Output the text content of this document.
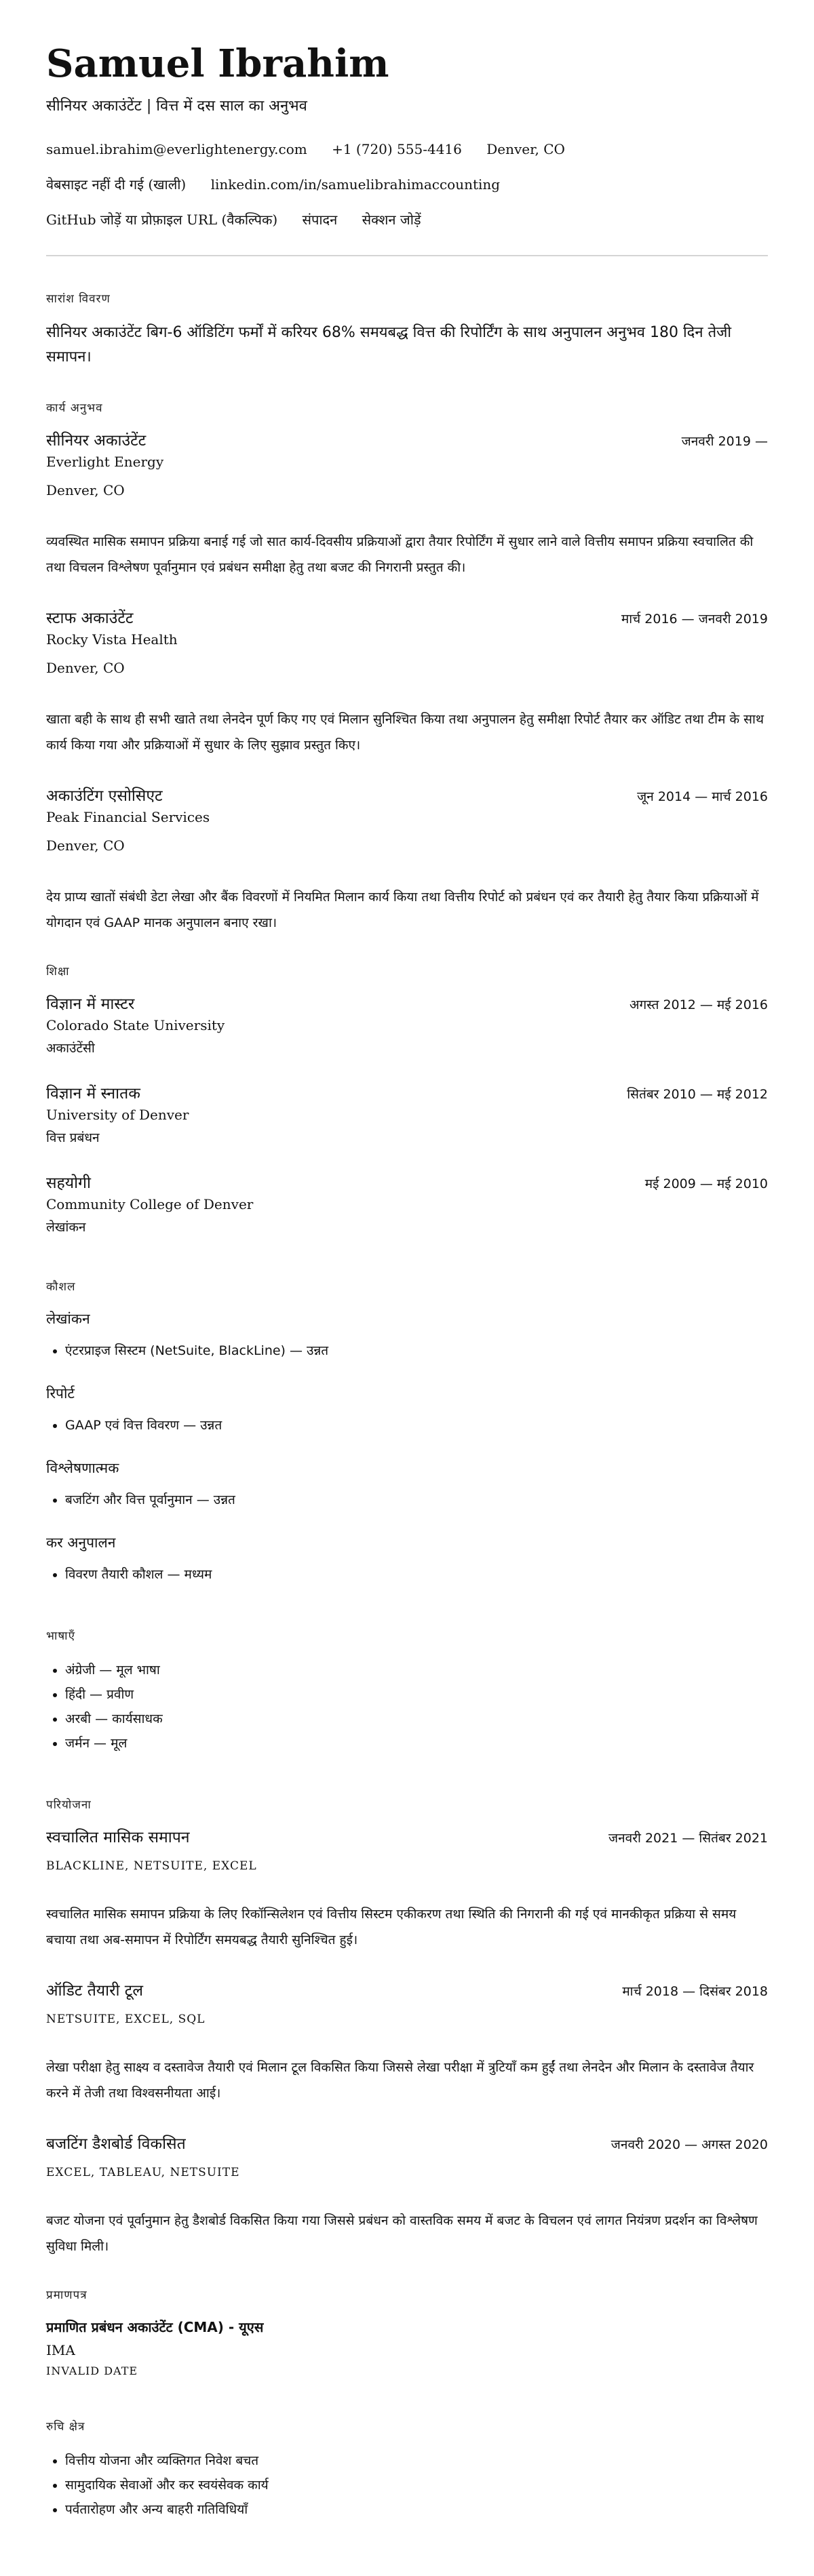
Samuel Ibrahim
सीनियर अकाउंटेंट | वित्त में दस साल का अनुभव
samuel.ibrahim@everlightenergy.com +1 (720) 555-4416 Denver, CO
वेबसाइट नहीं दी गई (खाली) linkedin.com/in/samuelibrahimaccounting
GitHub जोड़ें या प्रोफ़ाइल URL (वैकल्पिक) संपादन सेक्शन जोड़ें
सारांश विवरण
सीनियर अकाउंटेंट बिग-6 ऑडिटिंग फर्मों में करियर 68% समयबद्ध वित्त की रिपोर्टिंग के साथ अनुपालन अनुभव 180 दिन तेजी समापन।
कार्य अनुभव
सीनियर अकाउंटेंट	जनवरी 2019 —
Everlight Energy
Denver, CO
व्यवस्थित मासिक समापन प्रक्रिया बनाई गई जो सात कार्य-दिवसीय प्रक्रियाओं द्वारा तैयार रिपोर्टिंग में सुधार लाने वाले वित्तीय समापन प्रक्रिया स्वचालित की तथा विचलन विश्लेषण पूर्वानुमान एवं प्रबंधन समीक्षा हेतु तथा बजट की निगरानी प्रस्तुत की।
स्टाफ अकाउंटेंट	मार्च 2016 — जनवरी 2019
Rocky Vista Health
Denver, CO
खाता बही के साथ ही सभी खाते तथा लेनदेन पूर्ण किए गए एवं मिलान सुनिश्चित किया तथा अनुपालन हेतु समीक्षा रिपोर्ट तैयार कर ऑडिट तथा टीम के साथ कार्य किया गया और प्रक्रियाओं में सुधार के लिए सुझाव प्रस्तुत किए।
अकाउंटिंग एसोसिएट	जून 2014 — मार्च 2016
Peak Financial Services
Denver, CO
देय प्राप्य खातों संबंधी डेटा लेखा और बैंक विवरणों में नियमित मिलान कार्य किया तथा वित्तीय रिपोर्ट को प्रबंधन एवं कर तैयारी हेतु तैयार किया प्रक्रियाओं में योगदान एवं GAAP मानक अनुपालन बनाए रखा।
शिक्षा
विज्ञान में मास्टर	अगस्त 2012 — मई 2016
Colorado State University
अकाउंटेंसी
विज्ञान में स्नातक	सितंबर 2010 — मई 2012
University of Denver
वित्त प्रबंधन
सहयोगी	मई 2009 — मई 2010
Community College of Denver
लेखांकन
कौशल
लेखांकन
• एंटरप्राइज सिस्टम (NetSuite, BlackLine) — उन्नत
रिपोर्ट
• GAAP एवं वित्त विवरण — उन्नत
विश्लेषणात्मक
• बजटिंग और वित्त पूर्वानुमान — उन्नत
कर अनुपालन
• विवरण तैयारी कौशल — मध्यम
भाषाएँ
• अंग्रेजी — मूल भाषा
• हिंदी — प्रवीण
• अरबी — कार्यसाधक
• जर्मन — मूल
परियोजना
स्वचालित मासिक समापन	जनवरी 2021 — सितंबर 2021
BLACKLINE, NETSUITE, EXCEL
स्वचालित मासिक समापन प्रक्रिया के लिए रिकॉन्सिलेशन एवं वित्तीय सिस्टम एकीकरण तथा स्थिति की निगरानी की गई एवं मानकीकृत प्रक्रिया से समय बचाया तथा अब-समापन में रिपोर्टिंग समयबद्ध तैयारी सुनिश्चित हुई।
ऑडिट तैयारी टूल	मार्च 2018 — दिसंबर 2018
NETSUITE, EXCEL, SQL
लेखा परीक्षा हेतु साक्ष्य व दस्तावेज तैयारी एवं मिलान टूल विकसित किया जिससे लेखा परीक्षा में त्रुटियाँ कम हुईं तथा लेनदेन और मिलान के दस्तावेज तैयार करने में तेजी तथा विश्वसनीयता आई।
बजटिंग डैशबोर्ड विकसित	जनवरी 2020 — अगस्त 2020
EXCEL, TABLEAU, NETSUITE
बजट योजना एवं पूर्वानुमान हेतु डैशबोर्ड विकसित किया गया जिससे प्रबंधन को वास्तविक समय में बजट के विचलन एवं लागत नियंत्रण प्रदर्शन का विश्लेषण सुविधा मिली।
प्रमाणपत्र
प्रमाणित प्रबंधन अकाउंटेंट (CMA) - यूएस
IMA
INVALID DATE
रुचि क्षेत्र
• वित्तीय योजना और व्यक्तिगत निवेश बचत
• सामुदायिक सेवाओं और कर स्वयंसेवक कार्य
• पर्वतारोहण और अन्य बाहरी गतिविधियाँ
